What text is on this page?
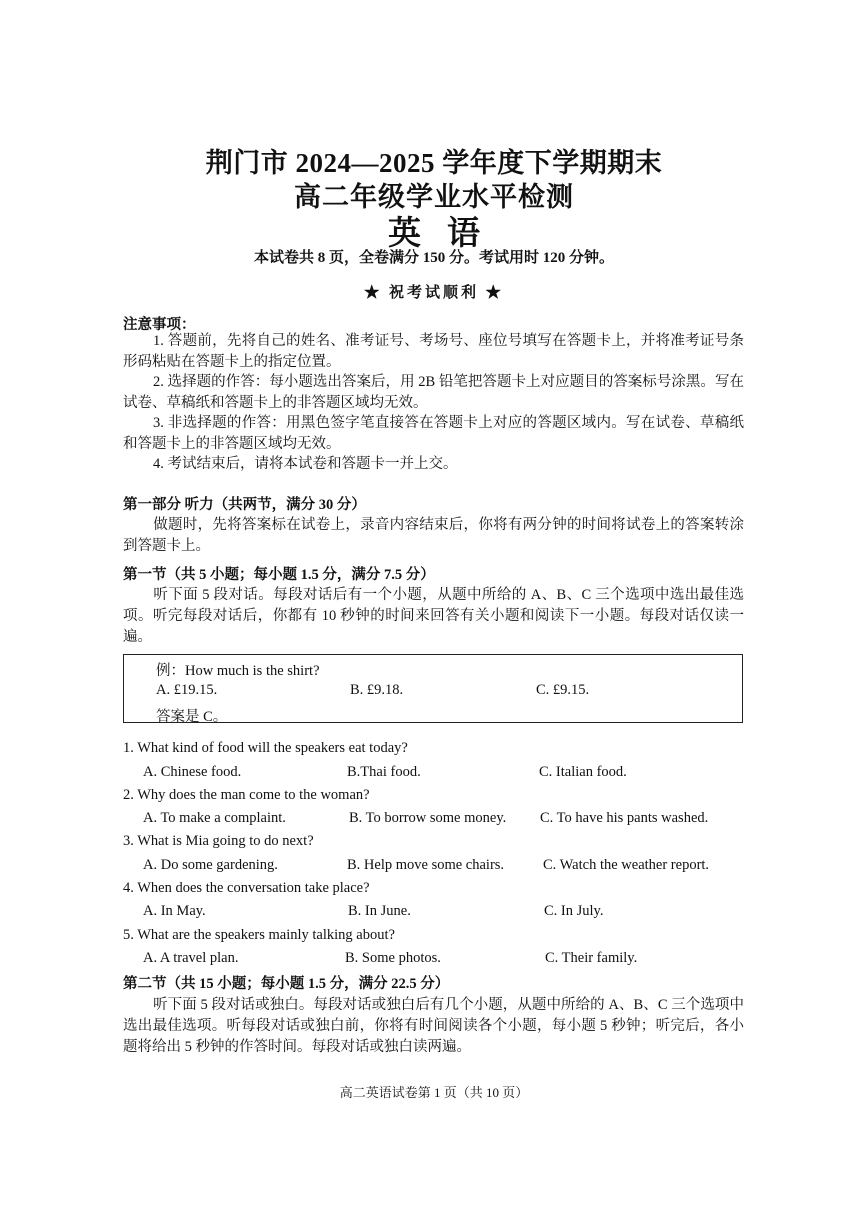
荆门市 2024—2025 学年度下学期期末
高二年级学业水平检测
英语
本试卷共 8 页，全卷满分 150 分。考试用时 120 分钟。
★ 祝考试顺利 ★
注意事项：
1. 答题前，先将自己的姓名、准考证号、考场号、座位号填写在答题卡上，并将准考证号条形码粘贴在答题卡上的指定位置。
2. 选择题的作答：每小题选出答案后，用 2B 铅笔把答题卡上对应题目的答案标号涂黑。写在试卷、草稿纸和答题卡上的非答题区域均无效。
3. 非选择题的作答：用黑色签字笔直接答在答题卡上对应的答题区域内。写在试卷、草稿纸和答题卡上的非答题区域均无效。
4. 考试结束后，请将本试卷和答题卡一并上交。
第一部分 听力（共两节，满分 30 分）
做题时，先将答案标在试卷上，录音内容结束后，你将有两分钟的时间将试卷上的答案转涂到答题卡上。
第一节（共 5 小题；每小题 1.5 分，满分 7.5 分）
听下面 5 段对话。每段对话后有一个小题，从题中所给的 A、B、C 三个选项中选出最佳选项。听完每段对话后，你都有 10 秒钟的时间来回答有关小题和阅读下一小题。每段对话仅读一遍。
例：How much is the shirt?
A. £19.15.	B. £9.18.	C. £9.15.
答案是 C。
1. What kind of food will the speakers eat today?
A. Chinese food.	B.Thai food.	C. Italian food.
2. Why does the man come to the woman?
A. To make a complaint.	B. To borrow some money. C. To have his pants washed.
3. What is Mia going to do next?
A. Do some gardening.	B. Help move some chairs.	C. Watch the weather report.
4. When does the conversation take place?
A. In May.	B. In June.	C. In July.
5. What are the speakers mainly talking about?
A. A travel plan.	B. Some photos.	C. Their family.
第二节（共 15 小题；每小题 1.5 分，满分 22.5 分）
听下面 5 段对话或独白。每段对话或独白后有几个小题，从题中所给的 A、B、C 三个选项中选出最佳选项。听每段对话或独白前，你将有时间阅读各个小题，每小题 5 秒钟；听完后，各小题将给出 5 秒钟的作答时间。每段对话或独白读两遍。
高二英语试卷第 1 页（共 10 页）
